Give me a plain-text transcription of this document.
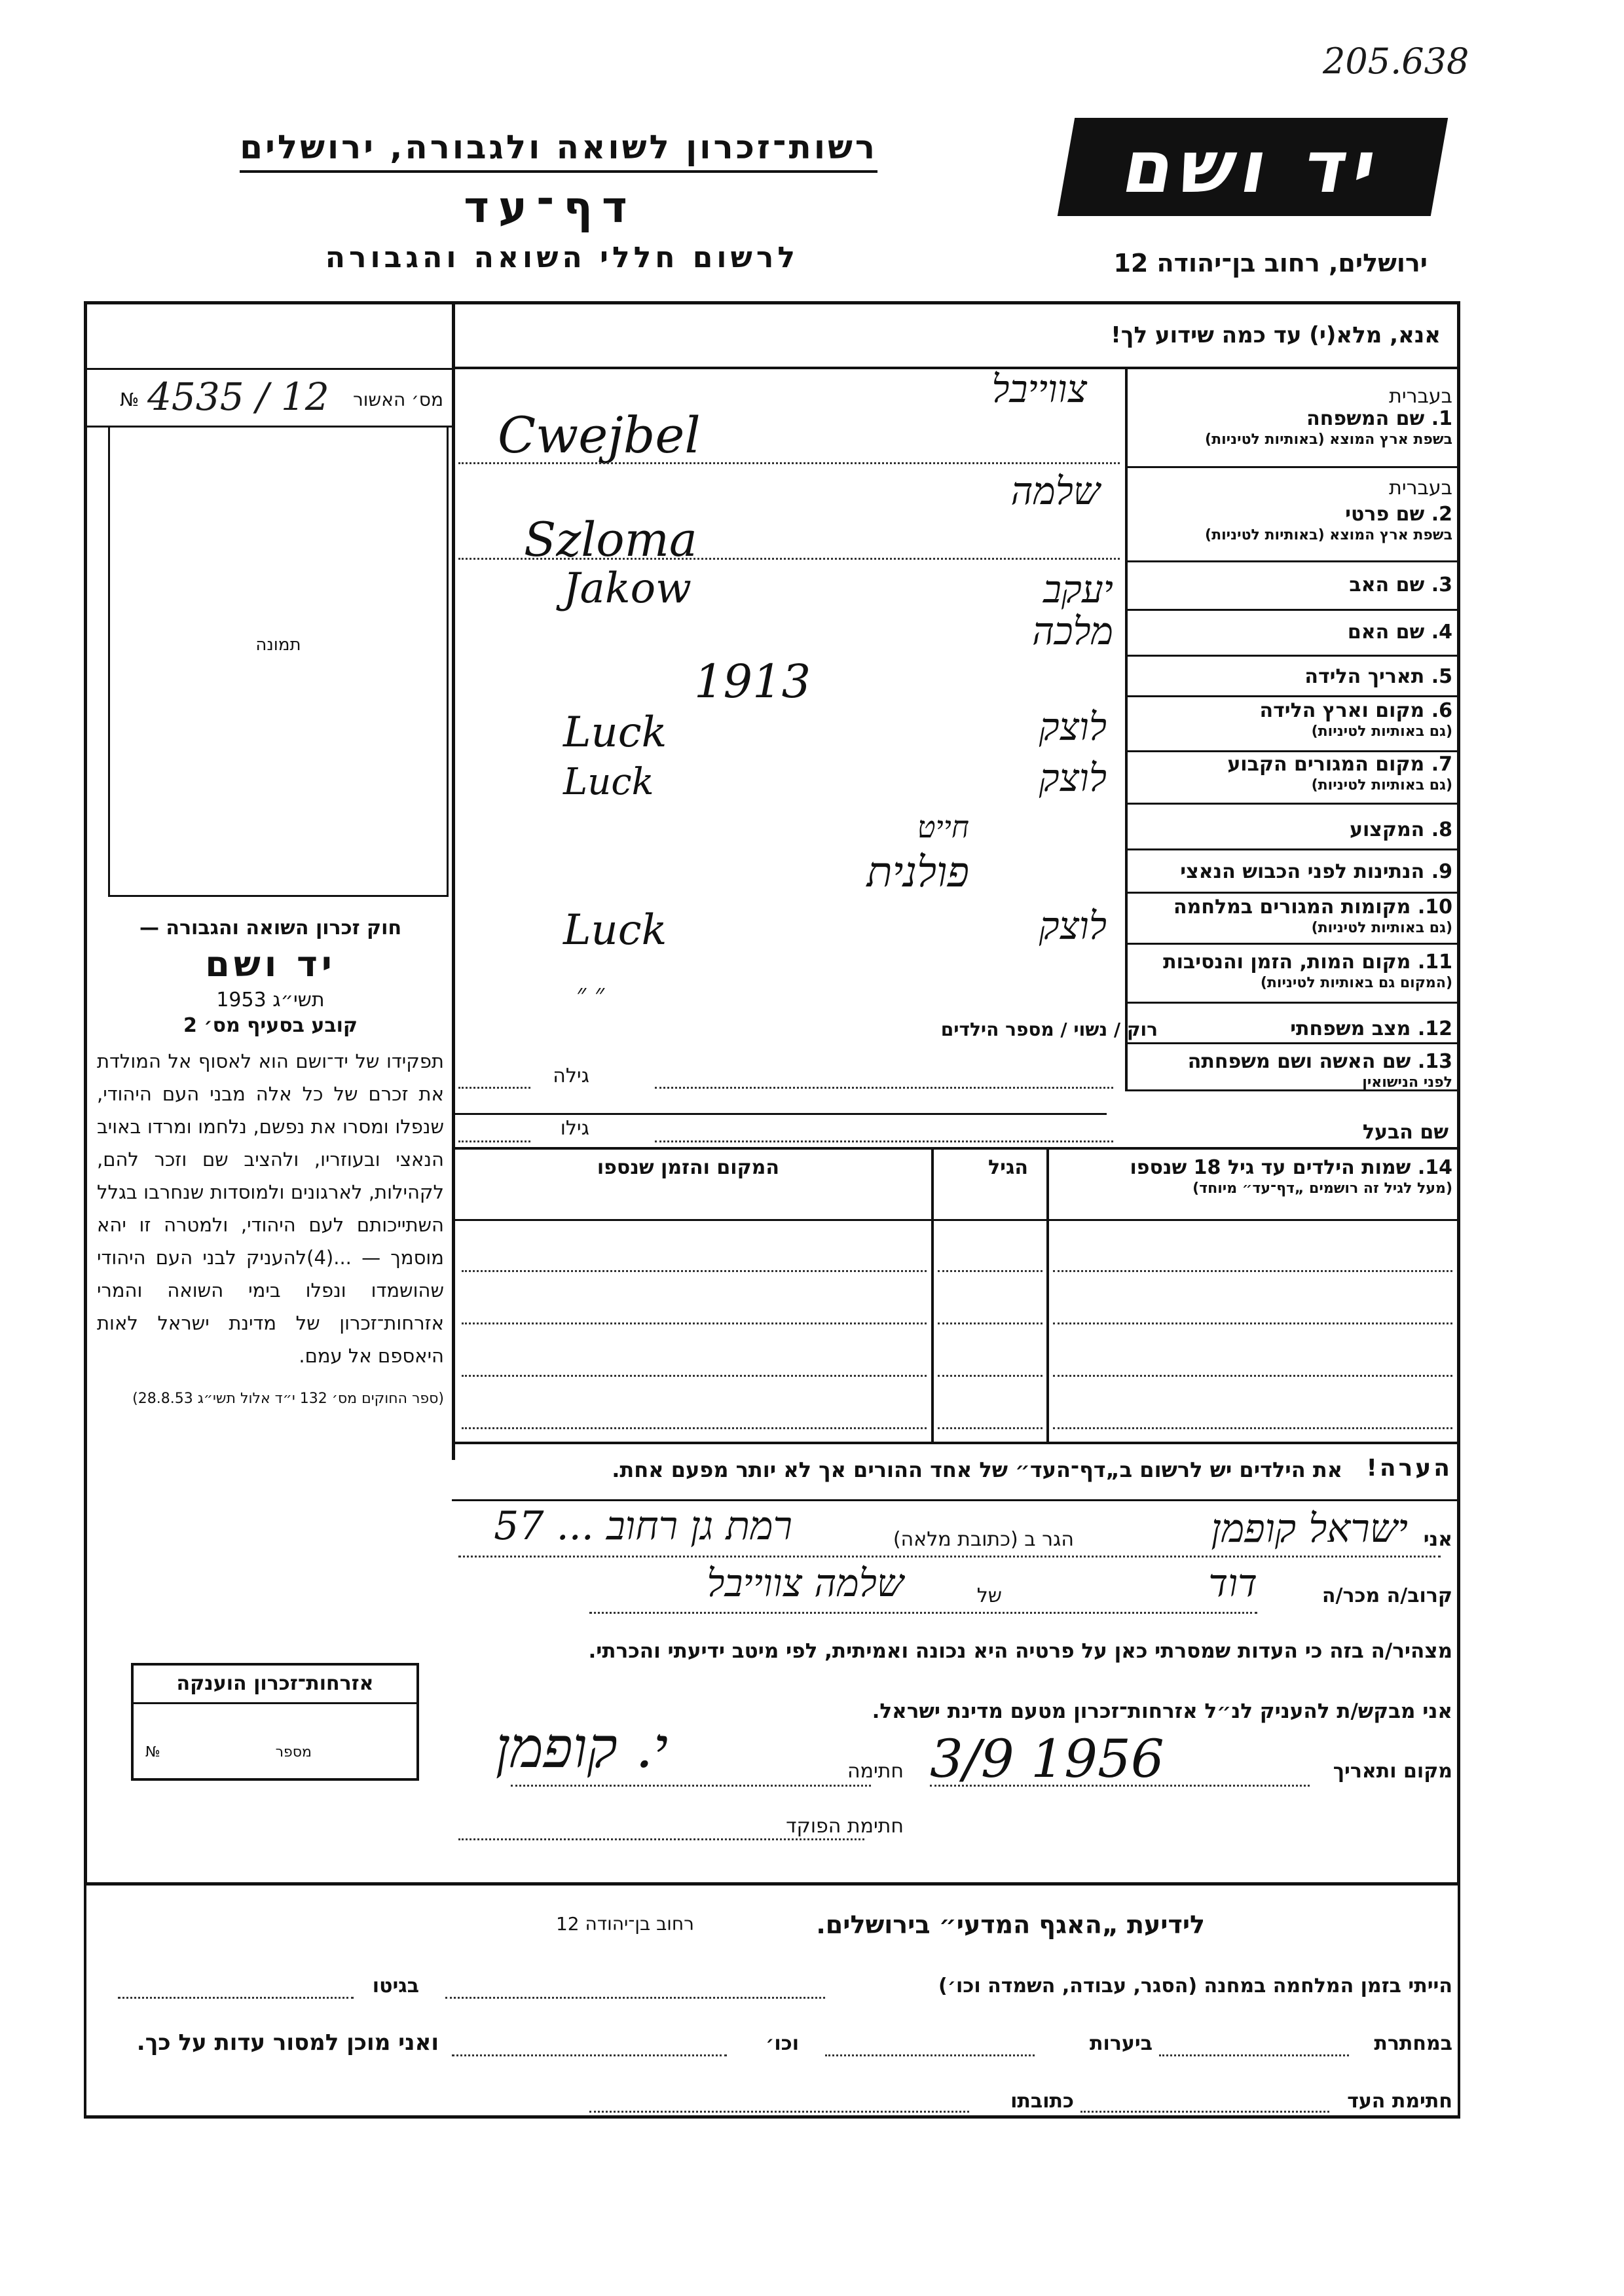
205.638
רשות־זכרון לשואה ולגבורה, ירושלים
דף־עד
לרשום חללי השואה והגבורה
יד ושם
ירושלים, רחוב בן־יהודה 12
אנא, מלא(י) עד כמה שידוע לך!
№ 4535 / 12 מס׳ האשור
תמונה
חוק זכרון השואה והגבורה —
יד ושם
תשי״ג 1953
קובע בסעיף מס׳ 2
תפקידו של יד־ושם הוא לאסוף אל המולדת את זכרם של כל אלה מבני העם היהודי, שנפלו ומסרו את נפשם, נלחמו ומרדו באויב הנאצי ובעוזריו, ולהציב שם וזכר להם, לקהילות, לארגונים ולמוסדות שנחרבו בגלל השתייכותם לעם היהודי, ולמטרה זו יהא מוסמך — ...(4)להעניק לבני העם היהודי שהושמדו ונפלו בימי השואה והמרי אזרחות־זכרון של מדינת ישראל לאות היאספם אל עמם.
(ספר החוקים מס׳ 132 י״ד אלול תשי״ג 28.8.53)
בעברית
1. שם המשפחה
בשפת ארץ המוצא (באותיות לטיניות)
צווייבל
Cwejbel
בעברית
2. שם פרטי
בשפת ארץ המוצא (באותיות לטיניות)
שלמה
Szloma
3. שם האב
Jakow	יעקב
4. שם האם
מלכה
5. תאריך הלידה
1913
6. מקום וארץ הלידה
(גם באותיות לטיניות)
Luck	לוצק
7. מקום המגורים הקבוע
(גם באותיות לטיניות)
Luck	לוצק
8. המקצוע
חייט
9. הנתינות לפני הכבוש הנאצי
פולנית
10. מקומות המגורים במלחמה
(גם באותיות לטיניות)
Luck	לוצק
11. מקום המות, הזמן והנסיבות
(המקום גם באותיות לטיניות)
״ ״
12. מצב משפחתי
רוק / נשוי / מספר הילדים
13. שם האשה ושם משפחתה
לפני הנישואין
גילה
שם הבעל
גילו
14. שמות הילדים עד גיל 18 שנספו
(מעל לגיל זה רושמים „דף־עד״ מיוחד)
הגיל
המקום והזמן שנספו
הערה!
את הילדים יש לרשום ב„דף־העד״ של אחד ההורים אך לא יותר מפעם אחת.
אני
ישראל קופמן
הגר ב (כתובת מלאה)
רמת גן רחוב ... 57
קרוב/ה מכר/ה
דוד
של
שלמה צווייבל
מצהיר/ה בזה כי העדות שמסרתי כאן על פרטיה היא נכונה ואמיתית, לפי מיטב ידיעתי והכרתי.
אני מבקש/ת להעניק לנ״ל אזרחות־זכרון מטעם מדינת ישראל.
מקום ותאריך
3/9 1956
חתימה
י. קופמן
חתימת הפוקד
אזרחות־זכרון הוענקה
№	מספר
לידיעת „האגף המדעי״ בירושלים.
רחוב בן־יהודה 12
הייתי בזמן המלחמה במחנה (הסגר, עבודה, השמדה וכו׳)
בגיטו
במחתרת
ביערות
וכו׳
ואני מוכן למסור עדות על כך.
חתימת העד
כתובתו
